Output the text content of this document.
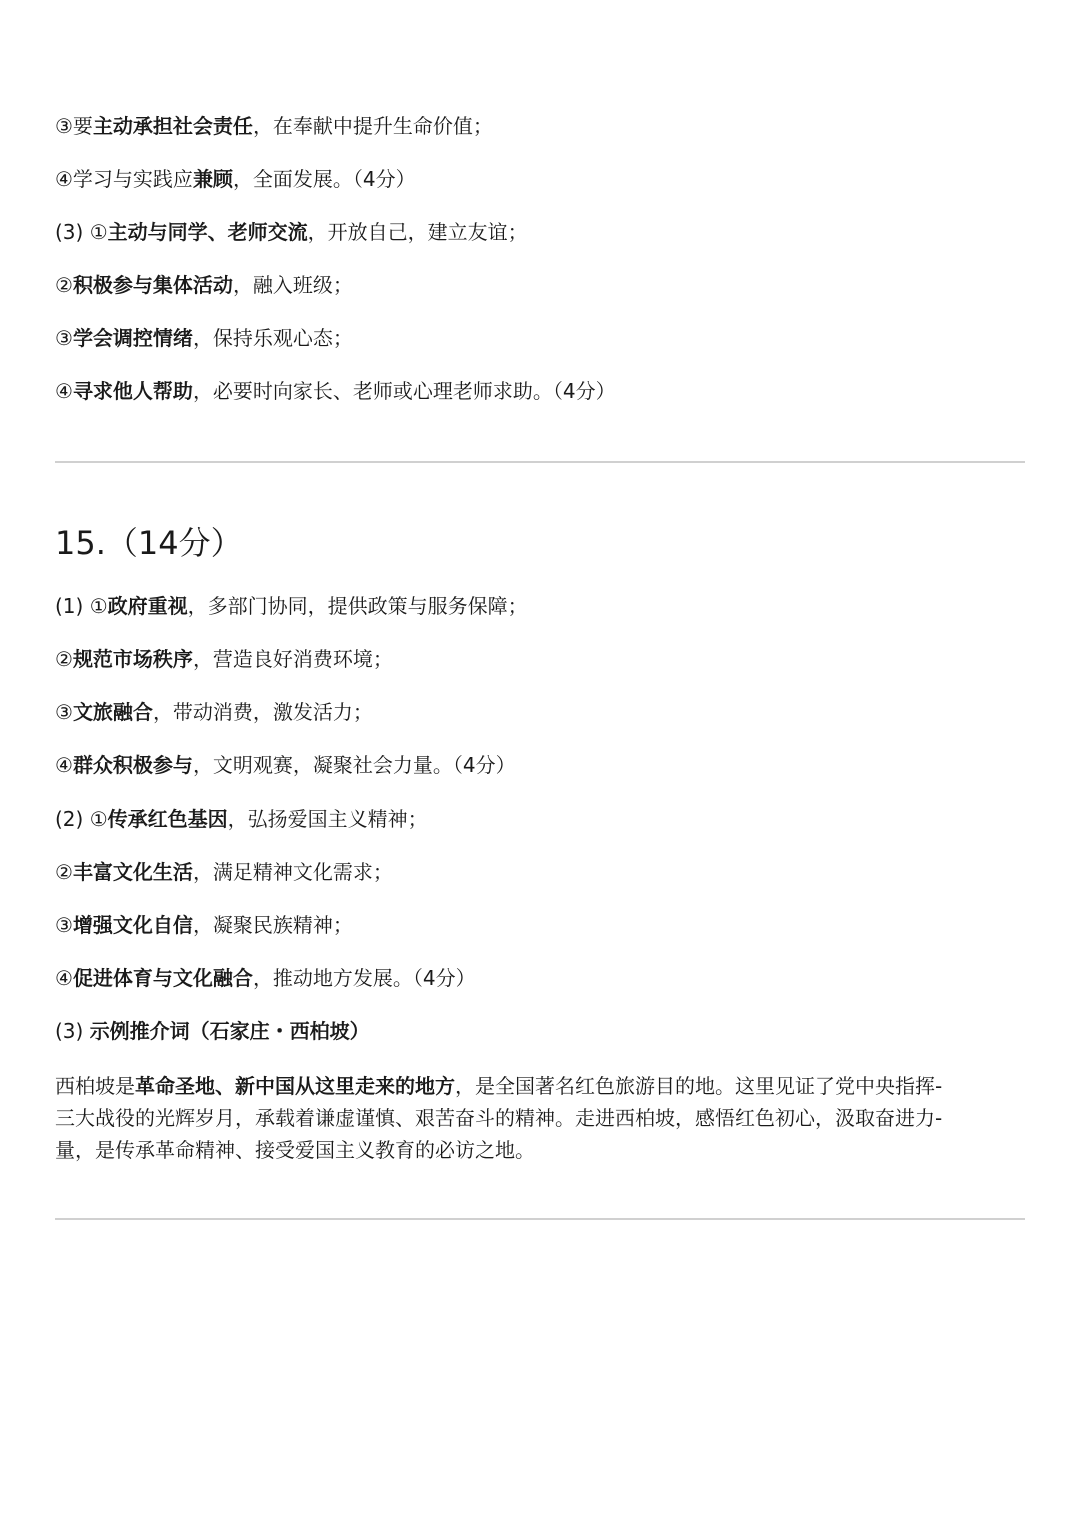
③要主动承担社会责任，在奉献中提升生命价值；
④学习与实践应兼顾，全面发展。（4分）
(3) ①主动与同学、老师交流，开放自己，建立友谊；
②积极参与集体活动，融入班级；
③学会调控情绪，保持乐观心态；
④寻求他人帮助，必要时向家长、老师或心理老师求助。（4分）
15.（14分）
(1) ①政府重视，多部门协同，提供政策与服务保障；
②规范市场秩序，营造良好消费环境；
③文旅融合，带动消费，激发活力；
④群众积极参与，文明观赛，凝聚社会力量。（4分）
(2) ①传承红色基因，弘扬爱国主义精神；
②丰富文化生活，满足精神文化需求；
③增强文化自信，凝聚民族精神；
④促进体育与文化融合，推动地方发展。（4分）
(3) 示例推介词（石家庄・西柏坡）
西柏坡是革命圣地、新中国从这里走来的地方，是全国著名红色旅游目的地。这里见证了党中央指挥-
三大战役的光辉岁月，承载着谦虚谨慎、艰苦奋斗的精神。走进西柏坡，感悟红色初心，汲取奋进力-
量，是传承革命精神、接受爱国主义教育的必访之地。
